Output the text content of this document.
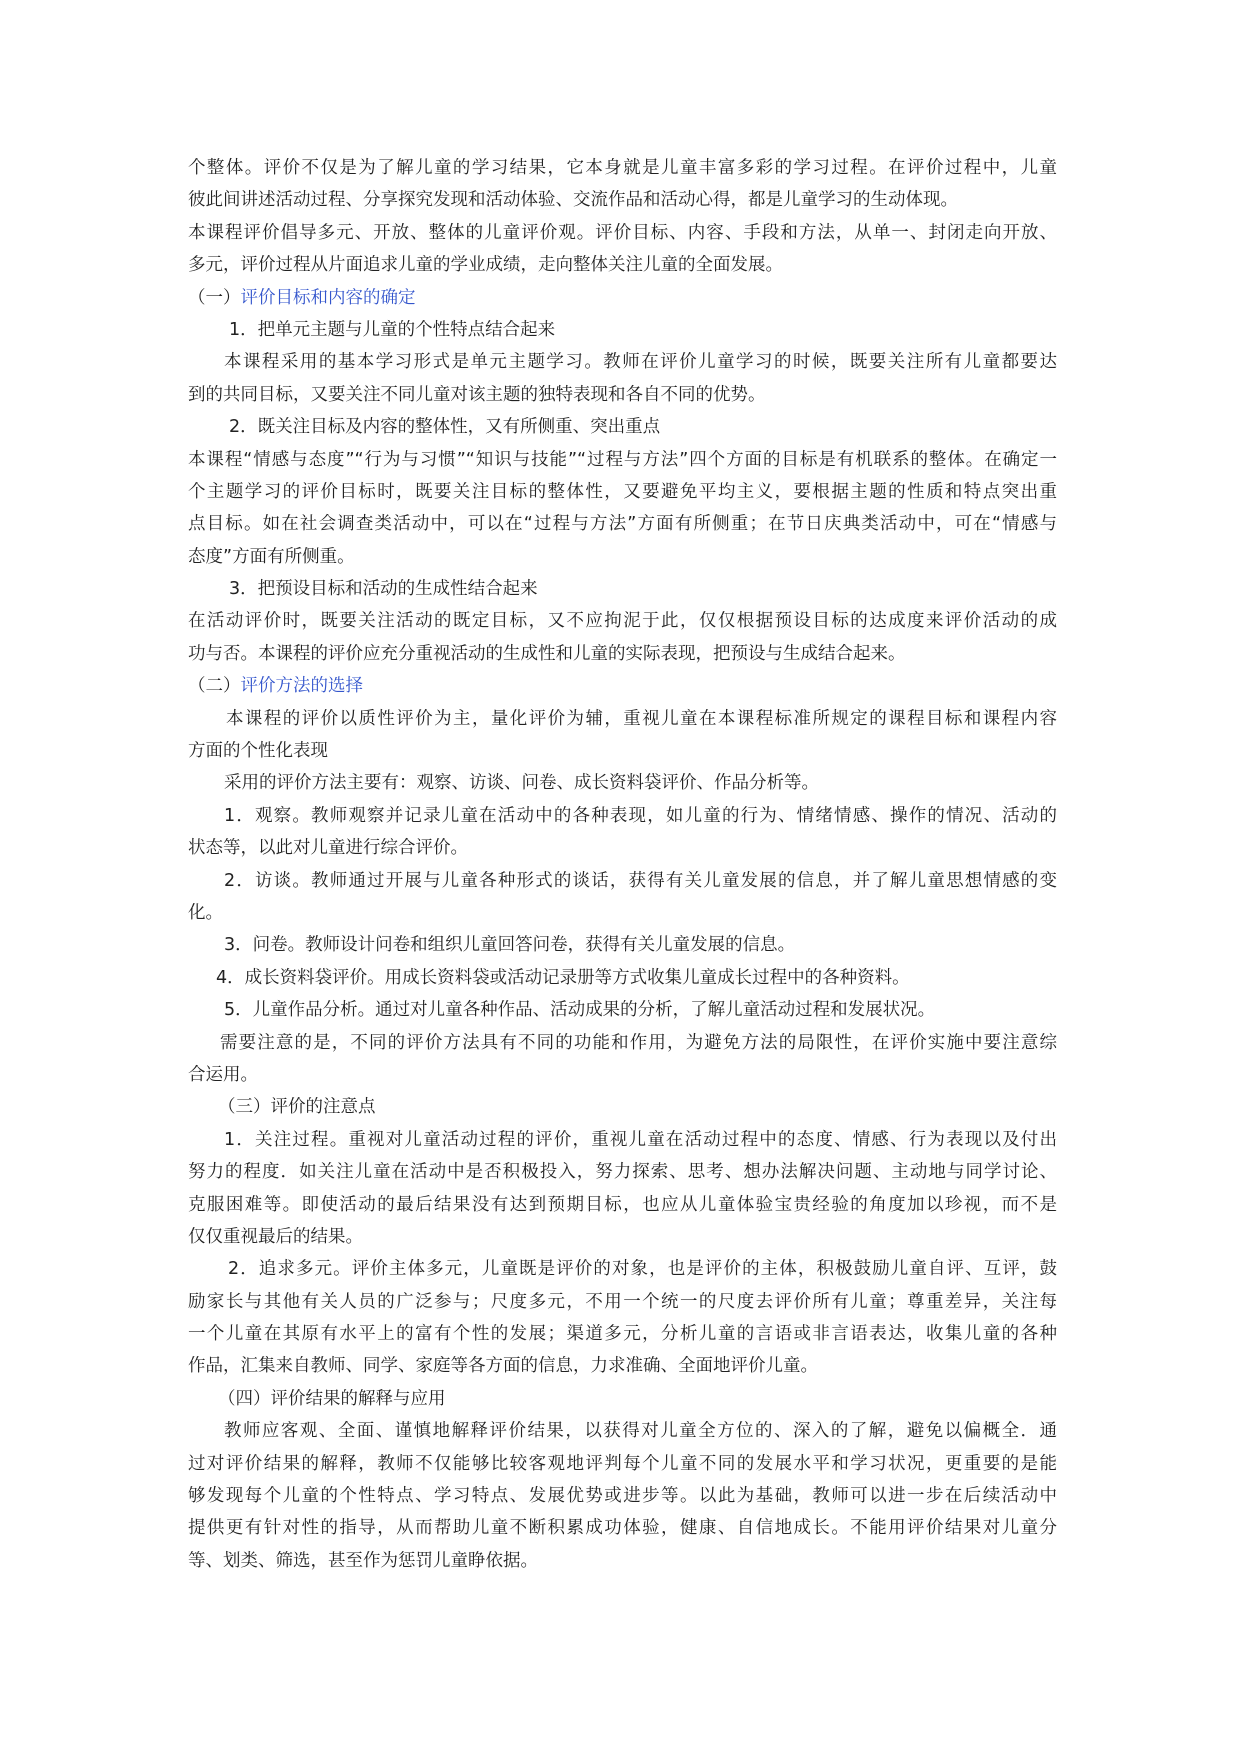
个整体。评价不仅是为了解儿童的学习结果，它本身就是儿童丰富多彩的学习过程。在评价过程中，儿童
彼此间讲述活动过程、分享探究发现和活动体验、交流作品和活动心得，都是儿童学习的生动体现。
本课程评价倡导多元、开放、整体的儿童评价观。评价目标、内容、手段和方法，从单一、封闭走向开放、
多元，评价过程从片面追求儿童的学业成绩，走向整体关注儿童的全面发展。
（一）评价目标和内容的确定
1．把单元主题与儿童的个性特点结合起来
本课程采用的基本学习形式是单元主题学习。教师在评价儿童学习的时候，既要关注所有儿童都要达
到的共同目标，又要关注不同儿童对该主题的独特表现和各自不同的优势。
2．既关注目标及内容的整体性，又有所侧重、突出重点
本课程“情感与态度”“行为与习惯”“知识与技能”“过程与方法”四个方面的目标是有机联系的整体。在确定一
个主题学习的评价目标时，既要关注目标的整体性，又要避免平均主义，要根据主题的性质和特点突出重
点目标。如在社会调查类活动中，可以在“过程与方法”方面有所侧重；在节日庆典类活动中，可在“情感与
态度”方面有所侧重。
3．把预设目标和活动的生成性结合起来
在活动评价时，既要关注活动的既定目标，又不应拘泥于此，仅仅根据预设目标的达成度来评价活动的成
功与否。本课程的评价应充分重视活动的生成性和儿童的实际表现，把预设与生成结合起来。
（二）评价方法的选择
本课程的评价以质性评价为主，量化评价为辅，重视儿童在本课程标准所规定的课程目标和课程内容
方面的个性化表现
采用的评价方法主要有：观察、访谈、问卷、成长资料袋评价、作品分析等。
1．观察。教师观察并记录儿童在活动中的各种表现，如儿童的行为、情绪情感、操作的情况、活动的
状态等，以此对儿童进行综合评价。
2．访谈。教师通过开展与儿童各种形式的谈话，获得有关儿童发展的信息，并了解儿童思想情感的变
化。
3．问卷。教师设计问卷和组织儿童回答问卷，获得有关儿童发展的信息。
4．成长资料袋评价。用成长资料袋或活动记录册等方式收集儿童成长过程中的各种资料。
5．儿童作品分析。通过对儿童各种作品、活动成果的分析，了解儿童活动过程和发展状况。
需要注意的是，不同的评价方法具有不同的功能和作用，为避免方法的局限性，在评价实施中要注意综
合运用。
（三）评价的注意点
1．关注过程。重视对儿童活动过程的评价，重视儿童在活动过程中的态度、情感、行为表现以及付出
努力的程度．如关注儿童在活动中是否积极投入，努力探索、思考、想办法解决问题、主动地与同学讨论、
克服困难等。即使活动的最后结果没有达到预期目标，也应从儿童体验宝贵经验的角度加以珍视，而不是
仅仅重视最后的结果。
2．追求多元。评价主体多元，儿童既是评价的对象，也是评价的主体，积极鼓励儿童自评、互评，鼓
励家长与其他有关人员的广泛参与；尺度多元，不用一个统一的尺度去评价所有儿童；尊重差异，关注每
一个儿童在其原有水平上的富有个性的发展；渠道多元，分析儿童的言语或非言语表达，收集儿童的各种
作品，汇集来自教师、同学、家庭等各方面的信息，力求准确、全面地评价儿童。
（四）评价结果的解释与应用
教师应客观、全面、谨慎地解释评价结果，以获得对儿童全方位的、深入的了解，避免以偏概全．通
过对评价结果的解释，教师不仅能够比较客观地评判每个儿童不同的发展水平和学习状况，更重要的是能
够发现每个儿童的个性特点、学习特点、发展优势或进步等。以此为基础，教师可以进一步在后续活动中
提供更有针对性的指导，从而帮助儿童不断积累成功体验，健康、自信地成长。不能用评价结果对儿童分
等、划类、筛选，甚至作为惩罚儿童睁依据。
